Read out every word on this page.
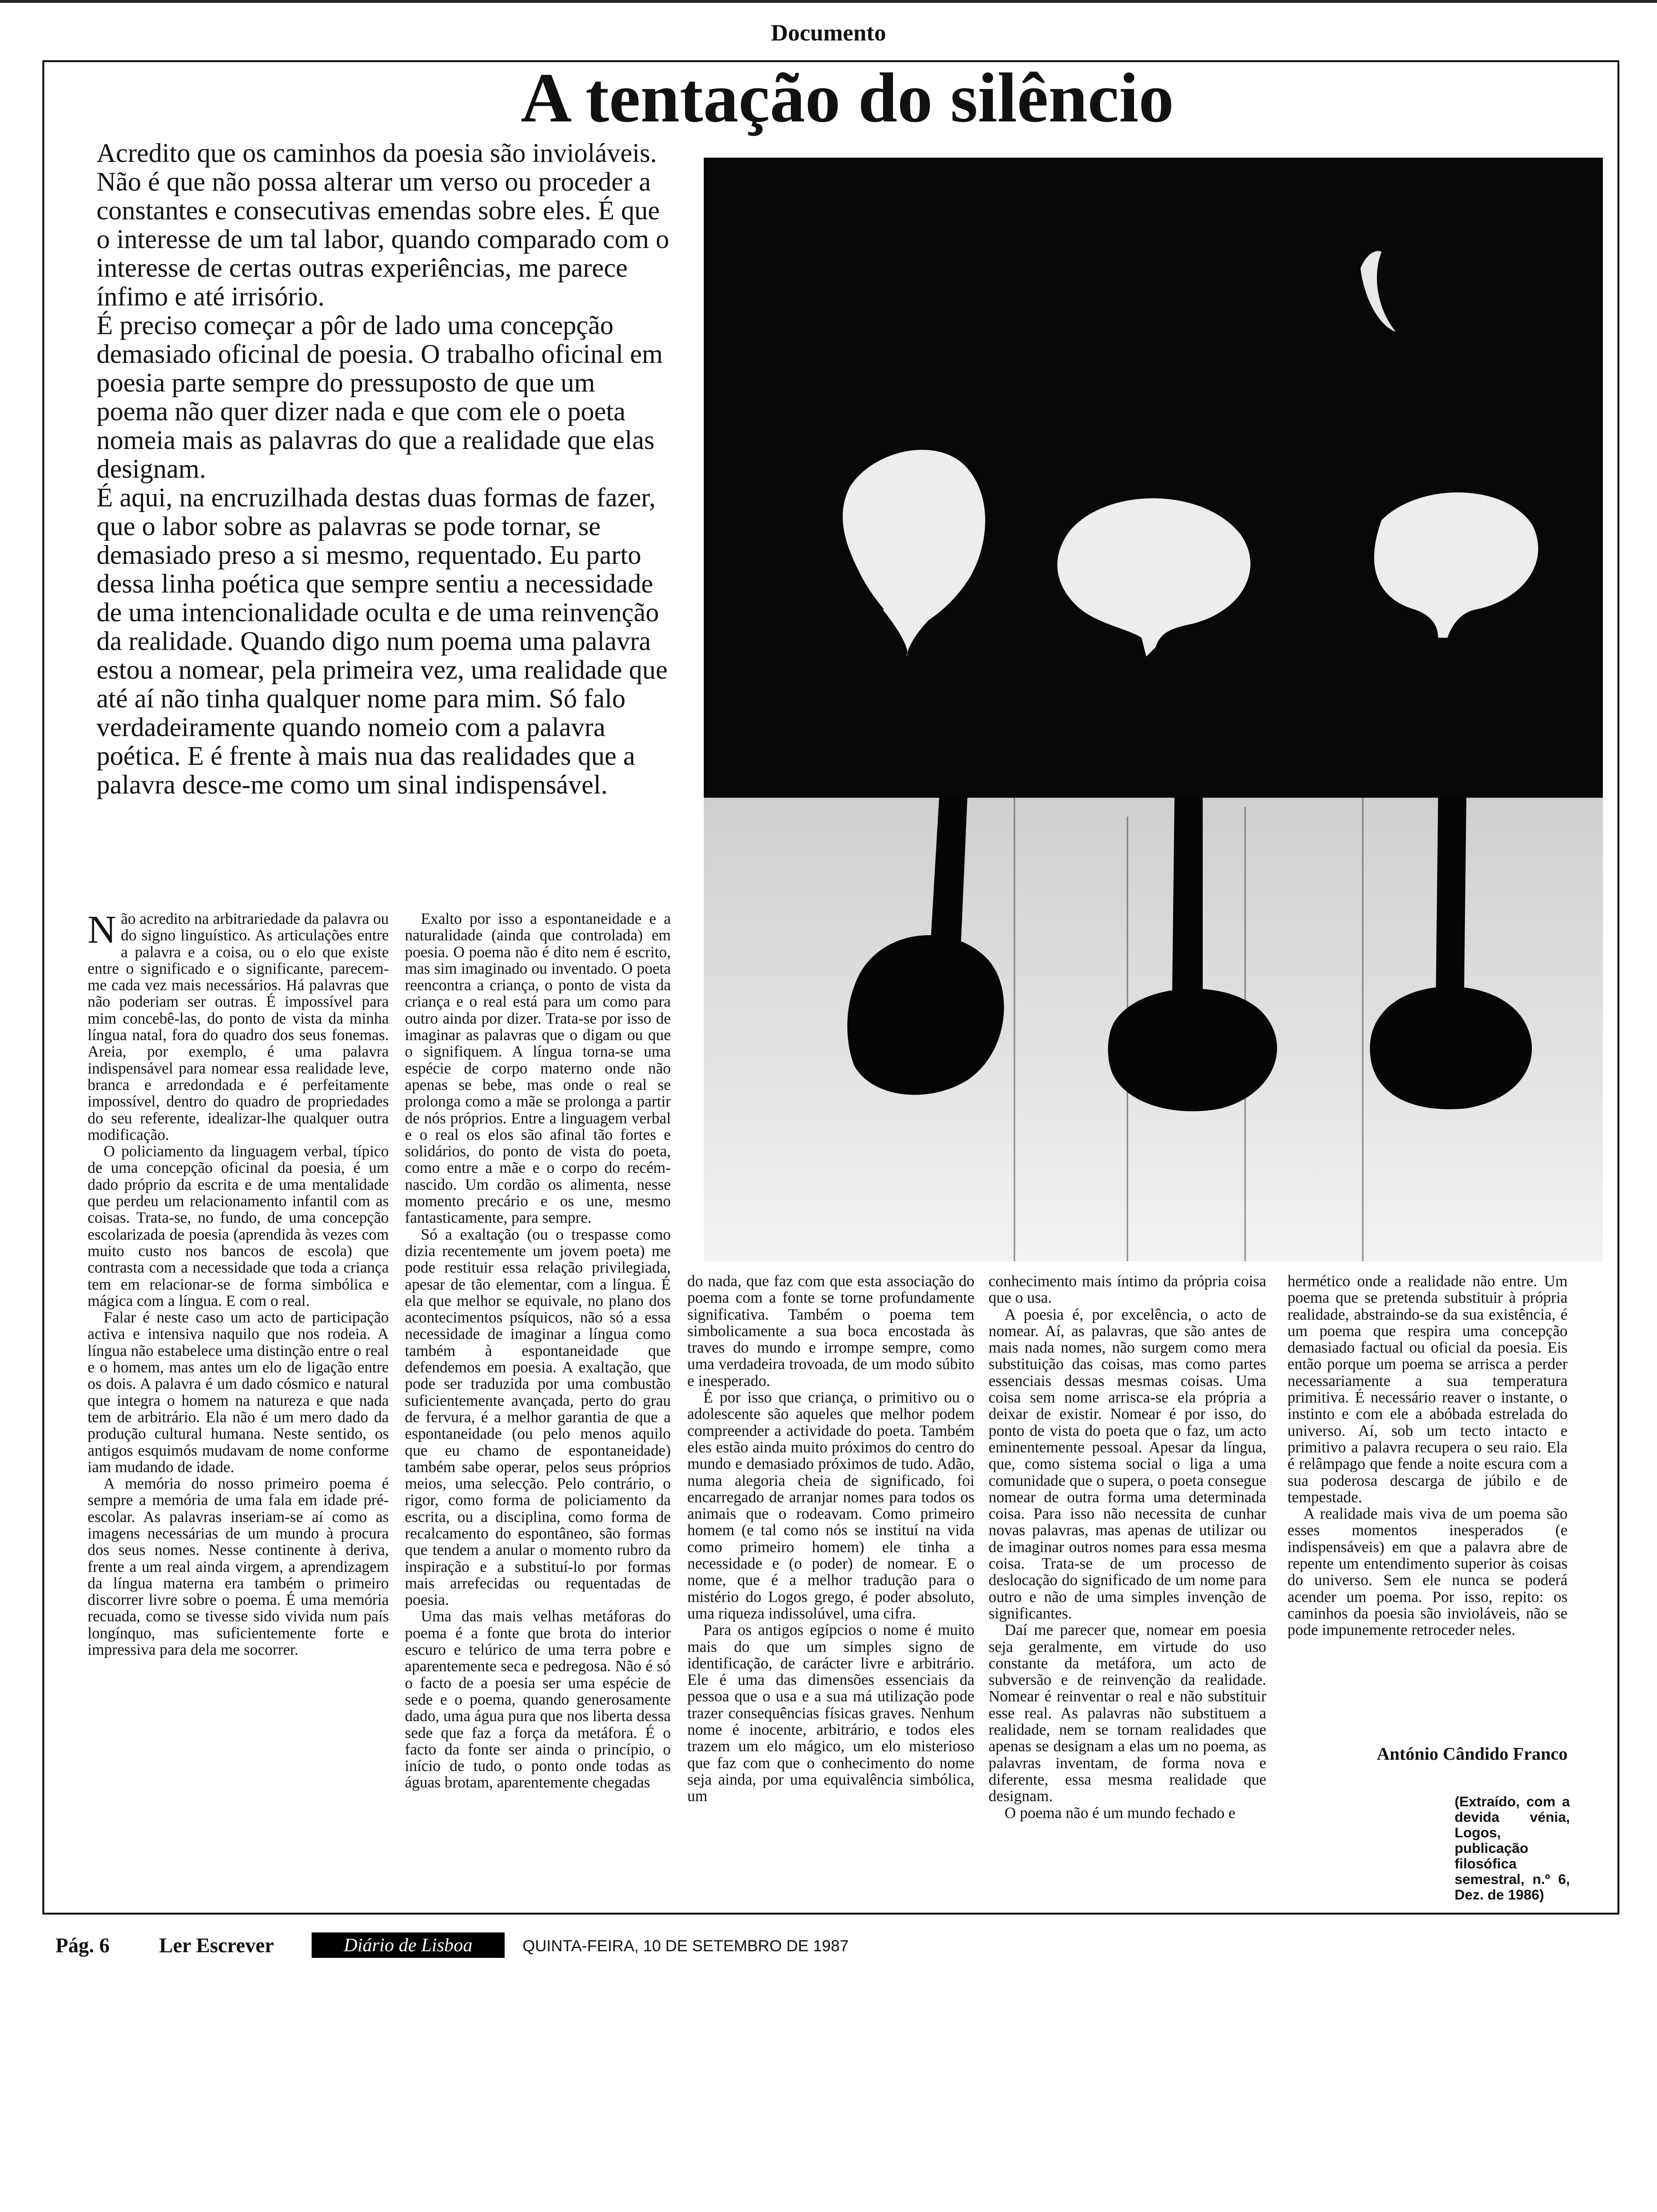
Documento
A tentação do silêncio

Acredito que os caminhos da poesia são invioláveis. Não é que não possa alterar um verso ou proceder a constantes e consecutivas emendas sobre eles. É que o interesse de um tal labor, quando comparado com o interesse de certas outras experiências, me parece ínfimo e até irrisório.

É preciso começar a pôr de lado uma concepção demasiado oficinal de poesia. O trabalho oficinal em poesia parte sempre do pressuposto de que um poema não quer dizer nada e que com ele o poeta nomeia mais as palavras do que a realidade que elas designam.

É aqui, na encruzilhada destas duas formas de fazer, que o labor sobre as palavras se pode tornar, se demasiado preso a si mesmo, requentado. Eu parto dessa linha poética que sempre sentiu a necessidade de uma intencionalidade oculta e de uma reinvenção da realidade. Quando digo num poema uma palavra estou a nomear, pela primeira vez, uma realidade que até aí não tinha qualquer nome para mim. Só falo verdadeiramente quando nomeio com a palavra poética. E é frente à mais nua das realidades que a palavra desce-me como um sinal indispensável.

Não acredito na arbitrariedade da palavra ou do signo linguístico. As articulações entre a palavra e a coisa, ou o elo que existe entre o significado e o significante, parecem-me cada vez mais necessários. Há palavras que não poderiam ser outras. É impossível para mim concebê-las, do ponto de vista da minha língua natal, fora do quadro dos seus fonemas. Areia, por exemplo, é uma palavra indispensável para nomear essa realidade leve, branca e arredondada e é perfeitamente impossível, dentro do quadro de propriedades do seu referente, idealizar-lhe qualquer outra modificação.

O policiamento da linguagem verbal, típico de uma concepção oficinal da poesia, é um dado próprio da escrita e de uma mentalidade que perdeu um relacionamento infantil com as coisas. Trata-se, no fundo, de uma concepção escolarizada de poesia (aprendida às vezes com muito custo nos bancos de escola) que contrasta com a necessidade que toda a criança tem em relacionar-se de forma simbólica e mágica com a língua. E com o real.

Falar é neste caso um acto de participação activa e intensiva naquilo que nos rodeia. A língua não estabelece uma distinção entre o real e o homem, mas antes um elo de ligação entre os dois. A palavra é um dado cósmico e natural que integra o homem na natureza e que nada tem de arbitrário. Ela não é um mero dado da produção cultural humana. Neste sentido, os antigos esquimós mudavam de nome conforme iam mudando de idade.

A memória do nosso primeiro poema é sempre a memória de uma fala em idade pré-escolar. As palavras inseriam-se aí como as imagens necessárias de um mundo à procura dos seus nomes. Nesse continente à deriva, frente a um real ainda virgem, a aprendizagem da língua materna era também o primeiro discorrer livre sobre o poema. É uma memória recuada, como se tivesse sido vivida num país longínquo, mas suficientemente forte e impressiva para dela me socorrer.

Exalto por isso a espontaneidade e a naturalidade (ainda que controlada) em poesia. O poema não é dito nem é escrito, mas sim imaginado ou inventado. O poeta reencontra a criança, o ponto de vista da criança e o real está para um como para outro ainda por dizer. Trata-se por isso de imaginar as palavras que o digam ou que o signifiquem. A língua torna-se uma espécie de corpo materno onde não apenas se bebe, mas onde o real se prolonga como a mãe se prolonga a partir de nós próprios. Entre a linguagem verbal e o real os elos são afinal tão fortes e solidários, do ponto de vista do poeta, como entre a mãe e o corpo do recém-nascido. Um cordão os alimenta, nesse momento precário e os une, mesmo fantasticamente, para sempre.

Só a exaltação (ou o trespasse como dizia recentemente um jovem poeta) me pode restituir essa relação privilegiada, apesar de tão elementar, com a língua. É ela que melhor se equivale, no plano dos acontecimentos psíquicos, não só a essa necessidade de imaginar a língua como também à espontaneidade que defendemos em poesia. A exaltação, que pode ser traduzida por uma combustão suficientemente avançada, perto do grau de fervura, é a melhor garantia de que a espontaneidade (ou pelo menos aquilo que eu chamo de espontaneidade) também sabe operar, pelos seus próprios meios, uma selecção. Pelo contrário, o rigor, como forma de policiamento da escrita, ou a disciplina, como forma de recalcamento do espontâneo, são formas que tendem a anular o momento rubro da inspiração e a substituí-lo por formas mais arrefecidas ou requentadas de poesia.

Uma das mais velhas metáforas do poema é a fonte que brota do interior escuro e telúrico de uma terra pobre e aparentemente seca e pedregosa. Não é só o facto de a poesia ser uma espécie de sede e o poema, quando generosamente dado, uma água pura que nos liberta dessa sede que faz a força da metáfora. É o facto da fonte ser ainda o princípio, o início de tudo, o ponto onde todas as águas brotam, aparentemente chegadas

do nada, que faz com que esta associação do poema com a fonte se torne profundamente significativa. Também o poema tem simbolicamente a sua boca encostada às traves do mundo e irrompe sempre, como uma verdadeira trovoada, de um modo súbito e inesperado.

É por isso que criança, o primitivo ou o adolescente são aqueles que melhor podem compreender a actividade do poeta. Também eles estão ainda muito próximos do centro do mundo e demasiado próximos de tudo. Adão, numa alegoria cheia de significado, foi encarregado de arranjar nomes para todos os animais que o rodeavam. Como primeiro homem (e tal como nós se instituí na vida como primeiro homem) ele tinha a necessidade e (o poder) de nomear. E o nome, que é a melhor tradução para o mistério do Logos grego, é poder absoluto, uma riqueza indissolúvel, uma cifra.

Para os antigos egípcios o nome é muito mais do que um simples signo de identificação, de carácter livre e arbitrário. Ele é uma das dimensões essenciais da pessoa que o usa e a sua má utilização pode trazer consequências físicas graves. Nenhum nome é inocente, arbitrário, e todos eles trazem um elo mágico, um elo misterioso que faz com que o conhecimento do nome seja ainda, por uma equivalência simbólica, um

conhecimento mais íntimo da própria coisa que o usa.

A poesia é, por excelência, o acto de nomear. Aí, as palavras, que são antes de mais nada nomes, não surgem como mera substituição das coisas, mas como partes essenciais dessas mesmas coisas. Uma coisa sem nome arrisca-se ela própria a deixar de existir. Nomear é por isso, do ponto de vista do poeta que o faz, um acto eminentemente pessoal. Apesar da língua, que, como sistema social o liga a uma comunidade que o supera, o poeta consegue nomear de outra forma uma determinada coisa. Para isso não necessita de cunhar novas palavras, mas apenas de utilizar ou de imaginar outros nomes para essa mesma coisa. Trata-se de um processo de deslocação do significado de um nome para outro e não de uma simples invenção de significantes.

Daí me parecer que, nomear em poesia seja geralmente, em virtude do uso constante da metáfora, um acto de subversão e de reinvenção da realidade. Nomear é reinventar o real e não substituir esse real. As palavras não substituem a realidade, nem se tornam realidades que apenas se designam a elas um no poema, as palavras inventam, de forma nova e diferente, essa mesma realidade que designam.

O poema não é um mundo fechado e

hermético onde a realidade não entre. Um poema que se pretenda substituir à própria realidade, abstraindo-se da sua existência, é um poema que respira uma concepção demasiado factual ou oficial da poesia. Eis então porque um poema se arrisca a perder necessariamente a sua temperatura primitiva. É necessário reaver o instante, o instinto e com ele a abóbada estrelada do universo. Aí, sob um tecto intacto e primitivo a palavra recupera o seu raio. Ela é relâmpago que fende a noite escura com a sua poderosa descarga de júbilo e de tempestade.

A realidade mais viva de um poema são esses momentos inesperados (e indispensáveis) em que a palavra abre de repente um entendimento superior às coisas do universo. Sem ele nunca se poderá acender um poema. Por isso, repito: os caminhos da poesia são invioláveis, não se pode impunemente retroceder neles.

António Cândido Franco
(Extraído, com a devida vénia, Logos, publicação filosófica semestral, n.º 6, Dez. de 1986)
Pág. 6 Ler Escrever	Diário de Lisboa	QUINTA-FEIRA, 10 DE SETEMBRO DE 1987
